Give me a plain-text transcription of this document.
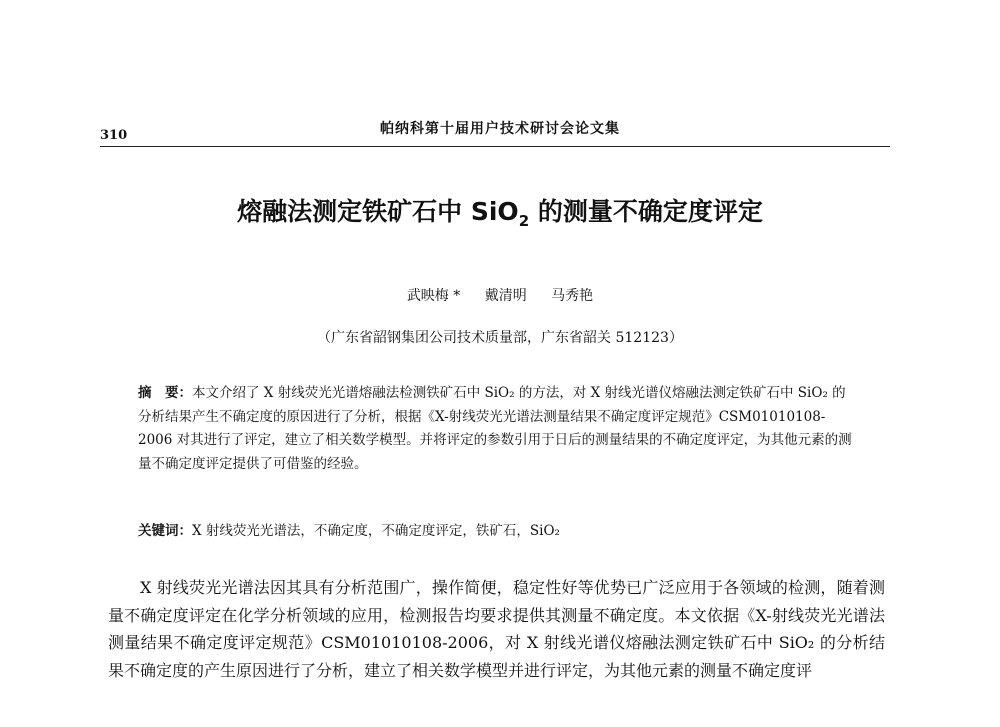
310	帕纳科第十届用户技术研讨会论文集
熔融法测定铁矿石中 SiO$_2$ 的测量不确定度评定
武映梅 * 戴清明 马秀艳
（广东省韶钢集团公司技术质量部，广东省韶关 512123）
摘　要：本文介绍了 X 射线荧光光谱熔融法检测铁矿石中 SiO₂ 的方法，对 X 射线光谱仪熔融法测定铁矿石中 SiO₂ 的分析结果产生不确定度的原因进行了分析，根据《X-射线荧光光谱法测量结果不确定度评定规范》CSM01010108-2006 对其进行了评定，建立了相关数学模型。并将评定的参数引用于日后的测量结果的不确定度评定，为其他元素的测量不确定度评定提供了可借鉴的经验。
关键词：X 射线荧光光谱法，不确定度，不确定度评定，铁矿石，SiO₂
X 射线荧光光谱法因其具有分析范围广，操作简便，稳定性好等优势已广泛应用于各领域的检测，随着测量不确定度评定在化学分析领域的应用，检测报告均要求提供其测量不确定度。本文依据《X-射线荧光光谱法测量结果不确定度评定规范》CSM01010108-2006，对 X 射线光谱仪熔融法测定铁矿石中 SiO₂ 的分析结果不确定度的产生原因进行了分析，建立了相关数学模型并进行评定，为其他元素的测量不确定度评
